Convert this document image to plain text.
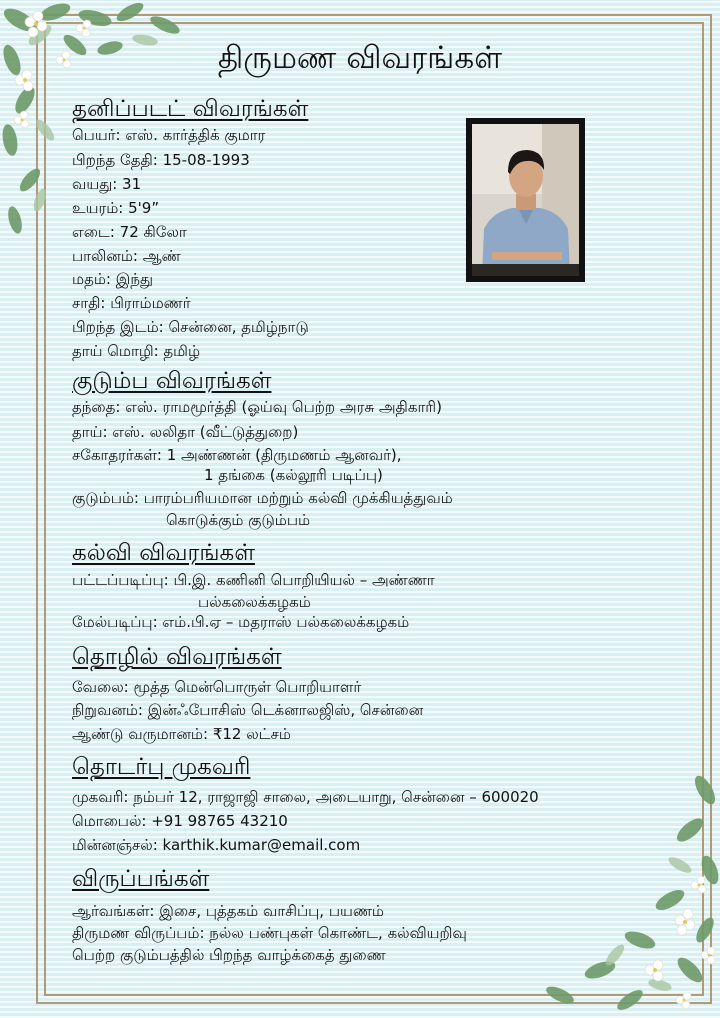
திருமண விவரங்கள்
தனிப்படட் விவரங்கள்
பெயர்: எஸ். கார்த்திக் குமார
பிறந்த தேதி: 15-08-1993
வயது: 31
உயரம்: 5'9”
எடை: 72 கிலோ
பாலினம்: ஆண்
மதம்: இந்து
சாதி: பிராம்மணர்
பிறந்த இடம்: சென்னை, தமிழ்நாடு
தாய் மொழி: தமிழ்
குடும்ப விவரங்கள்
தந்தை: எஸ். ராமமூர்த்தி (ஓய்வு பெற்ற அரசு அதிகாரி)
தாய்: எஸ். லலிதா (வீட்டுத்துறை)
சகோதரர்கள்: 1 அண்ணன் (திருமணம் ஆனவர்),
1 தங்கை (கல்லூரி படிப்பு)
குடும்பம்: பாரம்பரியமான மற்றும் கல்வி முக்கியத்துவம்
கொடுக்கும் குடும்பம்
கல்வி விவரங்கள்
பட்டப்படிப்பு: பி.இ. கணினி பொறியியல் – அண்ணா
பல்கலைக்கழகம்
மேல்படிப்பு: எம்.பி.ஏ – மதராஸ் பல்கலைக்கழகம்
தொழில் விவரங்கள்
வேலை: மூத்த மென்பொருள் பொறியாளர்
நிறுவனம்: இன்ஃபோசிஸ் டெக்னாலஜிஸ், சென்னை
ஆண்டு வருமானம்: ₹12 லட்சம்
தொடர்பு முகவரி
முகவரி: நம்பர் 12, ராஜாஜி சாலை, அடையாறு, சென்னை – 600020
மொபைல்: +91 98765 43210
மின்னஞ்சல்: karthik.kumar@email.com
விருப்பங்கள்
ஆர்வங்கள்: இசை, புத்தகம் வாசிப்பு, பயணம்
திருமண விருப்பம்: நல்ல பண்புகள் கொண்ட, கல்வியறிவு
பெற்ற குடும்பத்தில் பிறந்த வாழ்க்கைத் துணை
